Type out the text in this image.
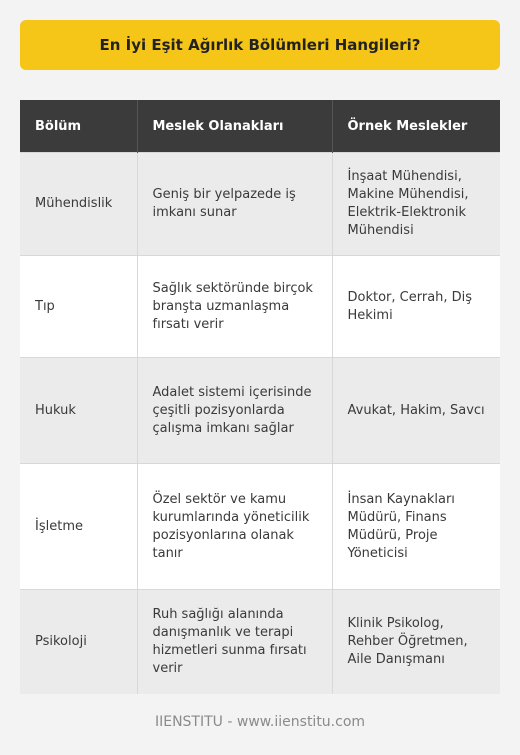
En İyi Eşit Ağırlık Bölümleri Hangileri?
Bölüm	Meslek Olanakları	Örnek Meslekler
Mühendislik	Geniş bir yelpazede iş imkanı sunar	İnşaat Mühendisi, Makine Mühendisi, Elektrik-Elektronik Mühendisi
Tıp	Sağlık sektöründe birçok branşta uzmanlaşma fırsatı verir	Doktor, Cerrah, Diş Hekimi
Hukuk	Adalet sistemi içerisinde çeşitli pozisyonlarda çalışma imkanı sağlar	Avukat, Hakim, Savcı
İşletme	Özel sektör ve kamu kurumlarında yöneticilik pozisyonlarına olanak tanır	İnsan Kaynakları Müdürü, Finans Müdürü, Proje Yöneticisi
Psikoloji	Ruh sağlığı alanında danışmanlık ve terapi hizmetleri sunma fırsatı verir	Klinik Psikolog, Rehber Öğretmen, Aile Danışmanı
IIENSTITU - www.iienstitu.com
